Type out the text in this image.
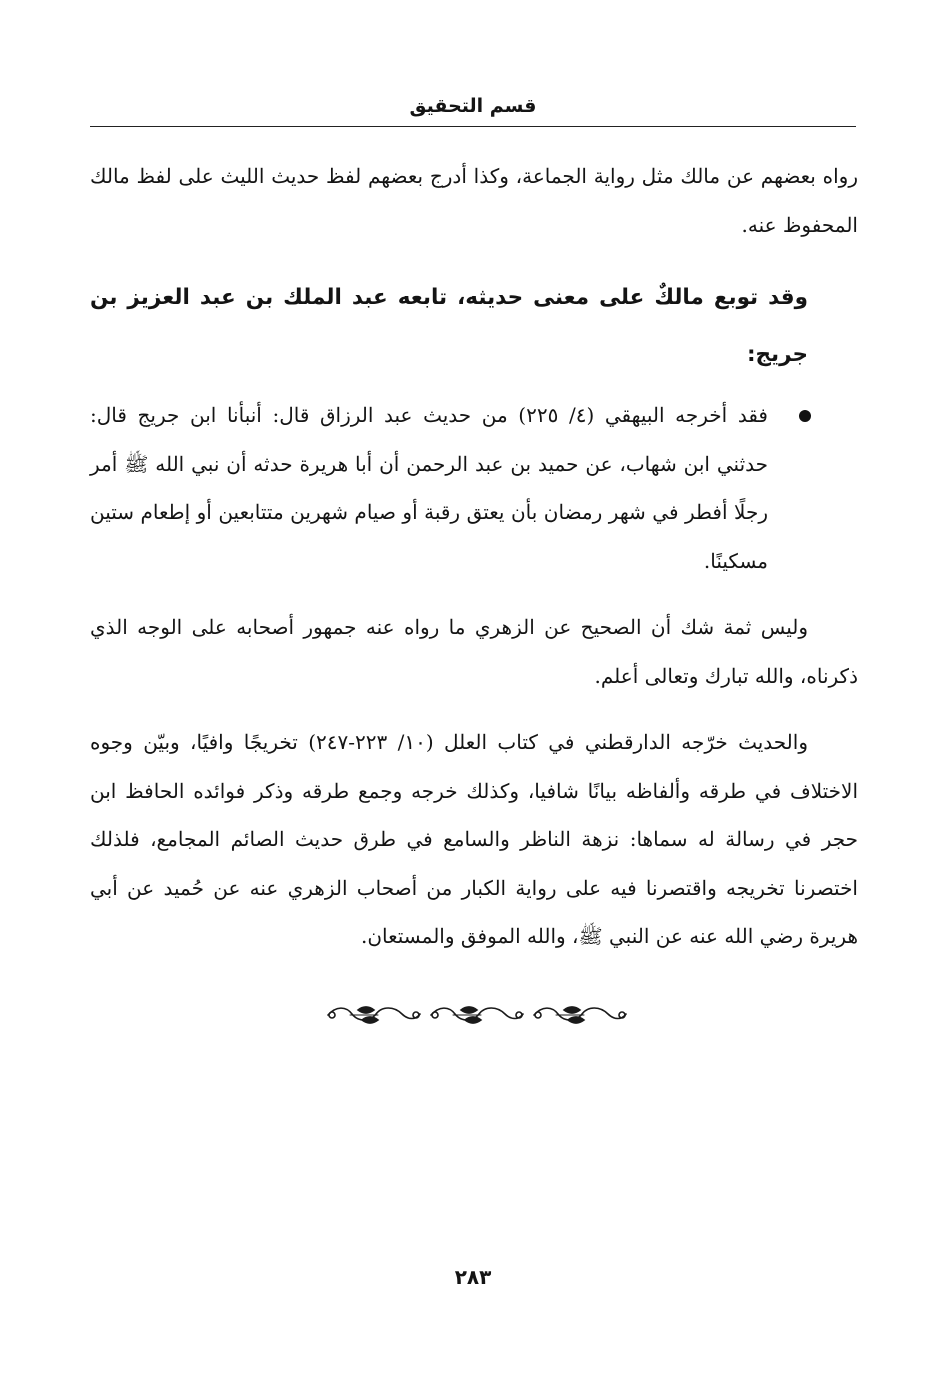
قسم التحقيق

رواه بعضهم عن مالك مثل رواية الجماعة، وكذا أدرج بعضهم لفظ حديث الليث على لفظ مالك المحفوظ عنه.

وقد توبع مالكٌ على معنى حديثه، تابعه عبد الملك بن عبد العزيز بن جريج:

فقد أخرجه البيهقي (٤/ ٢٢٥) من حديث عبد الرزاق قال: أنبأنا ابن جريج قال: حدثني ابن شهاب، عن حميد بن عبد الرحمن أن أبا هريرة حدثه أن نبي الله ﷺ أمر رجلًا أفطر في شهر رمضان بأن يعتق رقبة أو صيام شهرين متتابعين أو إطعام ستين مسكينًا.

وليس ثمة شك أن الصحيح عن الزهري ما رواه عنه جمهور أصحابه على الوجه الذي ذكرناه، والله تبارك وتعالى أعلم.

والحديث خرّجه الدارقطني في كتاب العلل (١٠/ ٢٢٣-٢٤٧) تخريجًا وافيًا، وبيّن وجوه الاختلاف في طرقه وألفاظه بيانًا شافيا، وكذلك خرجه وجمع طرقه وذكر فوائده الحافظ ابن حجر في رسالة له سماها: نزهة الناظر والسامع في طرق حديث الصائم المجامع، فلذلك اختصرنا تخريجه واقتصرنا فيه على رواية الكبار من أصحاب الزهري عنه عن حُميد عن أبي هريرة رضي الله عنه عن النبي ﷺ، والله الموفق والمستعان.

٢٨٣
